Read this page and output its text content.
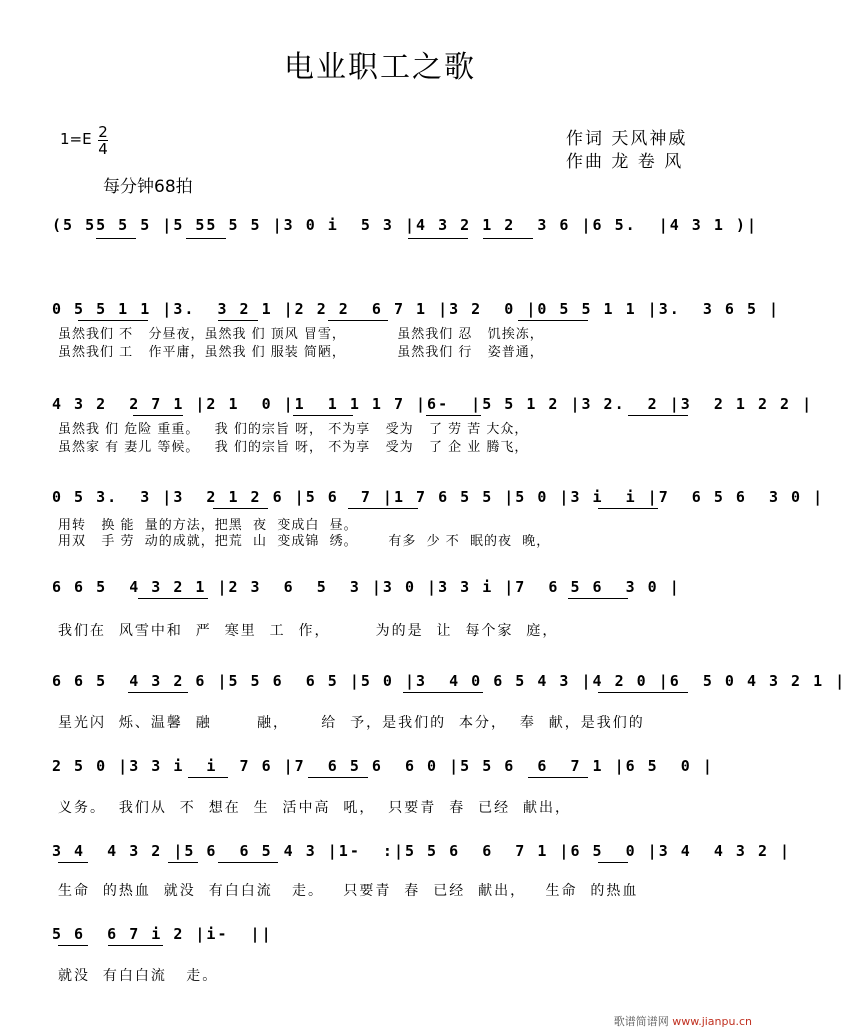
电业职工之歌
1=E 2
4	作词 天风神威
作曲 龙 卷 风
每分钟68拍
(5 55 5 5 |5 55 5 5 |3 0 i  5 3 |4 3 2 1 2  3 6 |6 5.  |4 3 1 )|
0 5 5 1 1 |3.  3 2 1 |2 2 2  6 7 1 |3 2  0 |0 5 5 1 1 |3.  3 6 5 |
虽然我们 不   分昼夜，虽然我 们 顶风 冒雪，          虽然我们 忍   饥挨冻，
虽然我们 工   作平庸，虽然我 们 服装 简陋，          虽然我们 行   姿普通，
4 3 2  2 7 1 |2 1  0 |1  1 1 1 7 |6-  |5 5 1 2 |3 2.  2 |3  2 1 2 2 |
虽然我 们 危险 重重。   我 们的宗旨 呀， 不为享   受为   了 劳 苦 大众，
虽然家 有 妻儿 等候。   我 们的宗旨 呀， 不为享   受为   了 企 业 腾飞，
0 5 3.  3 |3  2 1 2 6 |5 6  7 |1 7 6 5 5 |5 0 |3 i  i |7  6 5 6  3 0 |
用转   换 能  量的方法，把黑  夜  变成白  昼。
用双   手 劳  动的成就，把荒  山  变成锦  绣。      有多  少 不  眠的夜  晚，
6 6 5  4 3 2 1 |2 3  6  5  3 |3 0 |3 3 i |7  6 5 6  3 0 |
我们在  风雪中和  严  寒里  工  作，       为的是  让  每个家  庭，
6 6 5  4 3 2 6 |5 5 6  6 5 |5 0 |3  4 0 6 5 4 3 |4 2 0 |6  5 0 4 3 2 1 |
星光闪  烁、温馨  融       融，     给  予，是我们的  本分，  奉  献，是我们的
2 5 0 |3 3 i  i  7 6 |7  6 5 6  6 0 |5 5 6  6  7 1 |6 5  0 |
义务。  我们从  不  想在  生  活中高  吼，  只要青  春  已经  献出，
3 4  4 3 2 |5 6  6 5 4 3 |1-  :|5 5 6  6  7 1 |6 5  0 |3 4  4 3 2 |
生命  的热血  就没  有白白流   走。   只要青  春  已经  献出，   生命  的热血
5 6  6 7 i 2 |i-  ||
就没  有白白流   走。
歌谱简谱网 www.jianpu.cn
